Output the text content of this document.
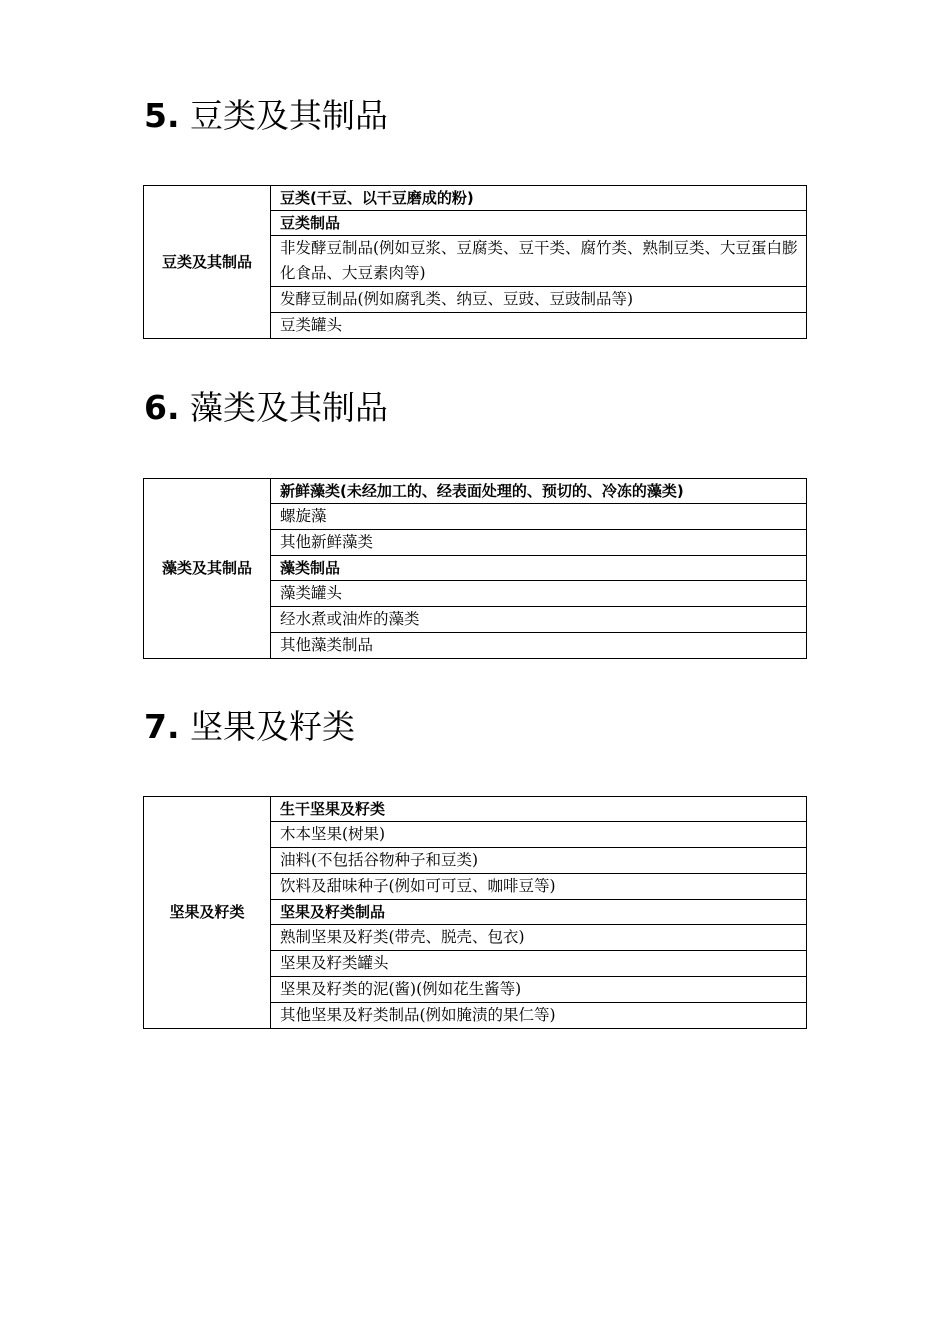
5. 豆类及其制品
豆类及其制品	豆类(干豆、以干豆磨成的粉)
豆类制品
非发酵豆制品(例如豆浆、豆腐类、豆干类、腐竹类、熟制豆类、大豆蛋白膨化食品、大豆素肉等)
发酵豆制品(例如腐乳类、纳豆、豆豉、豆豉制品等)
豆类罐头
6. 藻类及其制品
藻类及其制品	新鲜藻类(未经加工的、经表面处理的、预切的、冷冻的藻类)
螺旋藻
其他新鲜藻类
藻类制品
藻类罐头
经水煮或油炸的藻类
其他藻类制品
7. 坚果及籽类
坚果及籽类	生干坚果及籽类
木本坚果(树果)
油料(不包括谷物种子和豆类)
饮料及甜味种子(例如可可豆、咖啡豆等)
坚果及籽类制品
熟制坚果及籽类(带壳、脱壳、包衣)
坚果及籽类罐头
坚果及籽类的泥(酱)(例如花生酱等)
其他坚果及籽类制品(例如腌渍的果仁等)
